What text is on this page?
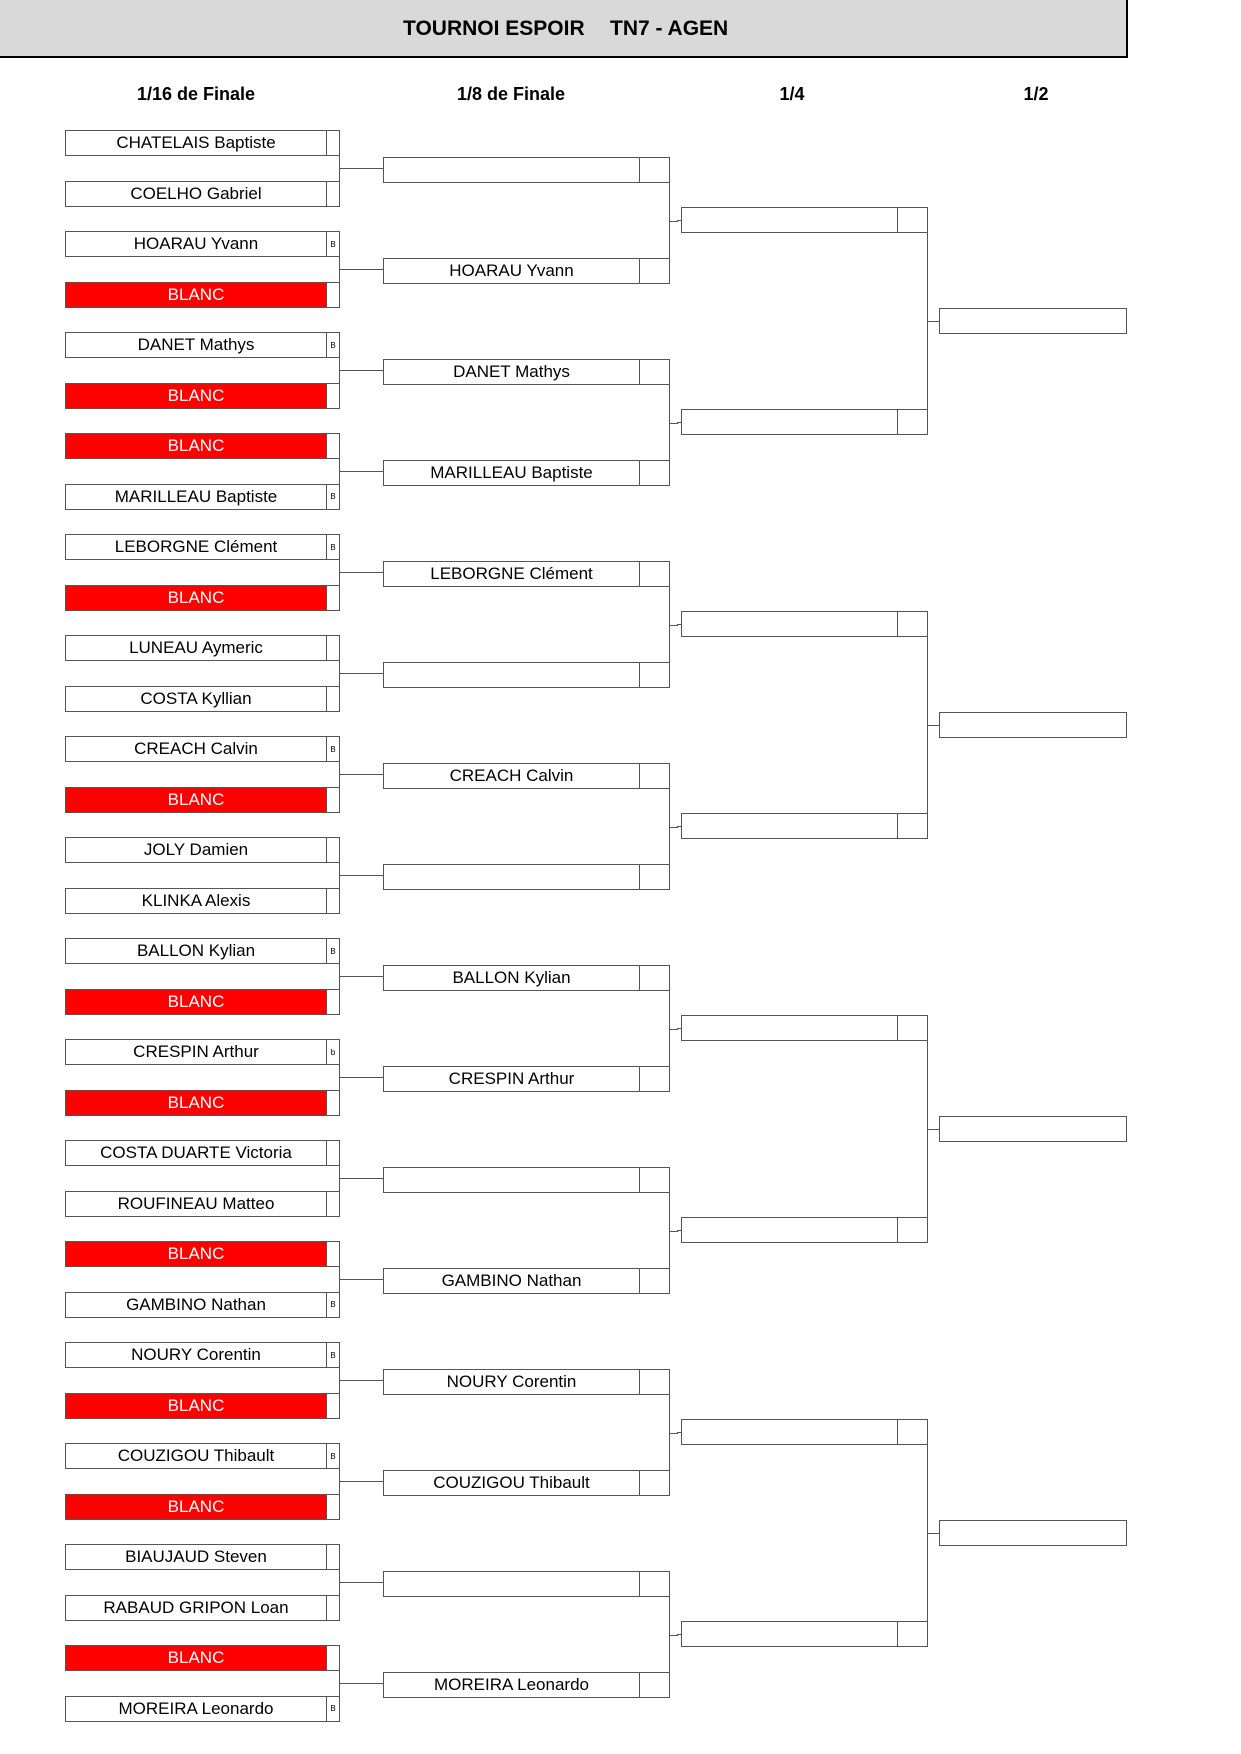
TOURNOI ESPOIR TN7 - AGEN
1/16 de Finale	1/8 de Finale	1/4	1/2
CHATELAIS Baptiste
COELHO Gabriel
HOARAU Yvann	B
BLANC
DANET Mathys	B
BLANC
BLANC
MARILLEAU Baptiste	B
LEBORGNE Clément	B
BLANC
LUNEAU Aymeric
COSTA Kyllian
CREACH Calvin	B
BLANC
JOLY Damien
KLINKA Alexis
BALLON Kylian	B
BLANC
CRESPIN Arthur	b
BLANC
COSTA DUARTE Victoria
ROUFINEAU Matteo
BLANC
GAMBINO Nathan	B
NOURY Corentin	B
BLANC
COUZIGOU Thibault	B
BLANC
BIAUJAUD Steven
RABAUD GRIPON Loan
BLANC
MOREIRA Leonardo	B
HOARAU Yvann
DANET Mathys
MARILLEAU Baptiste
LEBORGNE Clément
CREACH Calvin
BALLON Kylian
CRESPIN Arthur
GAMBINO Nathan
NOURY Corentin
COUZIGOU Thibault
MOREIRA Leonardo
